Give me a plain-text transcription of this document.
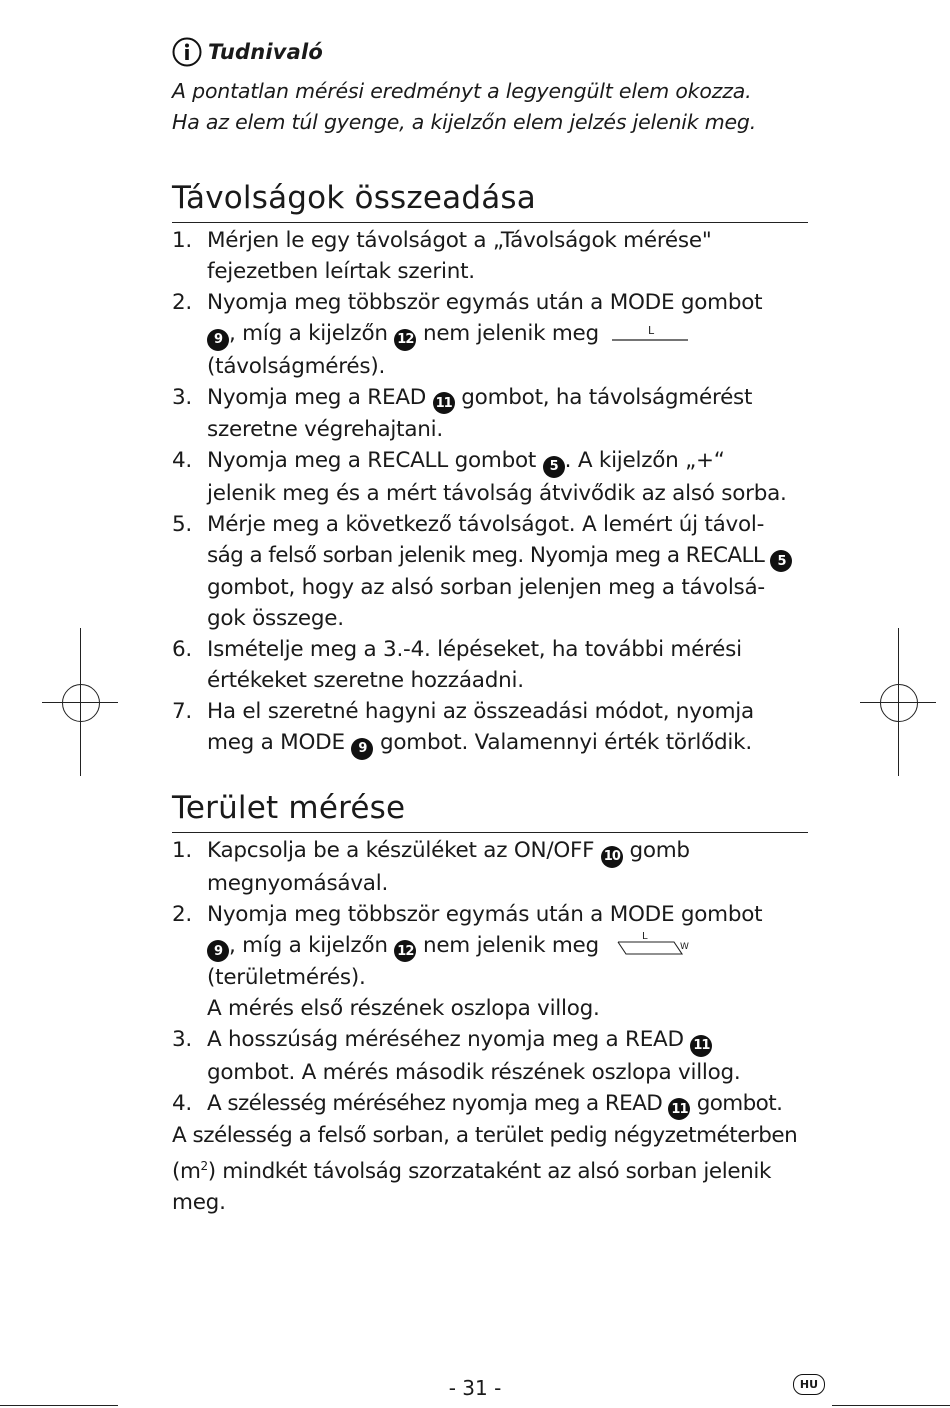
Tudnivaló
A pontatlan mérési eredményt a legyengült elem okozza.
Ha az elem túl gyenge, a kijelzőn elem jelzés jelenik meg.
Távolságok összeadása
1. Mérjen le egy távolságot a „Távolságok mérése"
fejezetben leírtak szerint.
2. Nyomja meg többször egymás után a MODE gombot
9 , míg a kijelzőn 12 nem jelenik meg	L
(távolságmérés).
3. Nyomja meg a READ 11 gombot, ha távolságmérést
szeretne végrehajtani.
4. Nyomja meg a RECALL gombot 5 . A kijelzőn „+“
jelenik meg és a mért távolság átvivődik az alsó sorba.
5. Mérje meg a következő távolságot. A lemért új távol-
ság a felső sorban jelenik meg. Nyomja meg a RECALL 5
gombot, hogy az alsó sorban jelenjen meg a távolsá-
gok összege.
6. Ismételje meg a 3.-4. lépéseket, ha további mérési
értékeket szeretne hozzáadni.
7. Ha el szeretné hagyni az összeadási módot, nyomja
meg a MODE 9 gombot. Valamennyi érték törlődik.
Terület mérése
1. Kapcsolja be a készüléket az ON/OFF 10 gomb
megnyomásával.
2. Nyomja meg többször egymás után a MODE gombot
9 , míg a kijelzőn 12 nem jelenik meg	L
W
(területmérés).
A mérés első részének oszlopa villog.
3. A hosszúság méréséhez nyomja meg a READ 11
gombot. A mérés második részének oszlopa villog.
4. A szélesség méréséhez nyomja meg a READ 11 gombot.
A szélesség a felső sorban, a terület pedig négyzetméterben
$(m^2)$ mindkét távolság szorzataként az alsó sorban jelenik
meg.
- 31 -	HU
